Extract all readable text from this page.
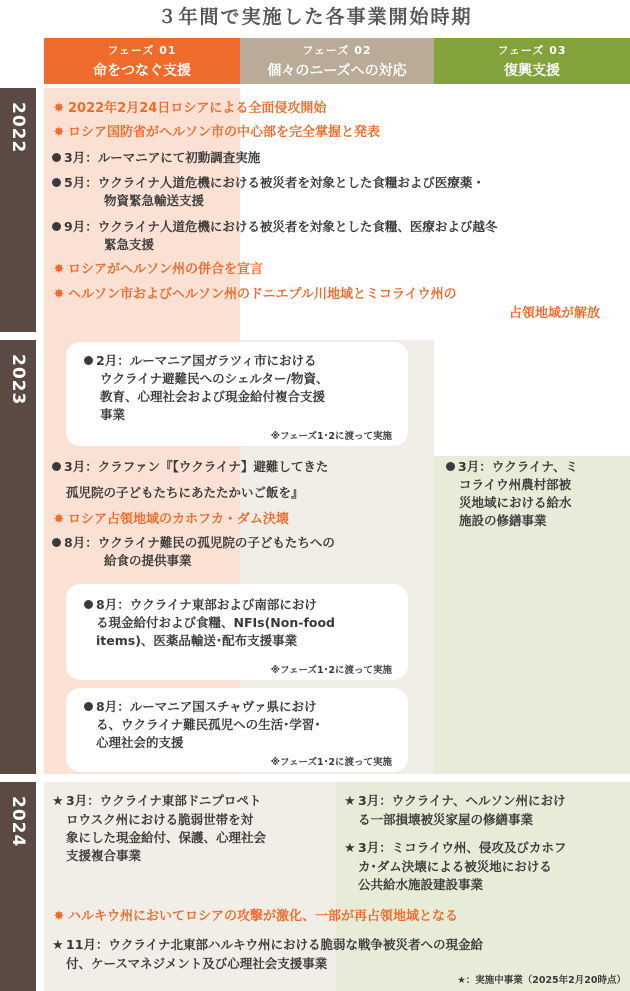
３年間で実施した各事業開始時期
フェーズ 01
命をつなぐ支援
フェーズ 02
個々のニーズへの対応
フェーズ 03
復興支援
2022
2023
2024
✸ 2022年2月24日ロシアによる全面侵攻開始
✸ ロシア国防省がヘルソン市の中心部を完全掌握と発表
3月：ルーマニアにて初動調査実施
5月：ウクライナ人道危機における被災者を対象とした食糧および医療薬・
物資緊急輸送支援
9月：ウクライナ人道危機における被災者を対象とした食糧、医療および越冬
緊急支援
✸ ロシアがヘルソン州の併合を宣言
✸ ヘルソン市およびヘルソン州のドニエプル川地域とミコライウ州の
占領地域が解放
2月：ルーマニア国ガラツィ市における
ウクライナ避難民へのシェルター/物資、
教育、心理社会および現金給付複合支援
事業
※フェーズ1･2に渡って実施
3月：クラファン『【ウクライナ】避難してきた
孤児院の子どもたちにあたたかいご飯を』
✸ ロシア占領地域のカホフカ・ダム決壊
8月：ウクライナ難民の孤児院の子どもたちへの
給食の提供事業
3月：ウクライナ、ミ
コライウ州農村部被
災地域における給水
施設の修繕事業
8月：ウクライナ東部および南部におけ
る現金給付および食糧、NFIs(Non-food
items)、医薬品輸送･配布支援事業
※フェーズ1･2に渡って実施
8月：ルーマニア国スチャヴァ県におけ
る、ウクライナ難民孤児への生活･学習･
心理社会的支援
※フェーズ1･2に渡って実施
★ 3月：ウクライナ東部ドニプロペト
ロウスク州における脆弱世帯を対
象にした現金給付、保護、心理社会
支援複合事業
★ 3月：ウクライナ、ヘルソン州におけ
る一部損壊被災家屋の修繕事業
★ 3月：ミコライウ州、侵攻及びカホフ
カ･ダム決壊による被災地における
公共給水施設建設事業
✸ ハルキウ州においてロシアの攻撃が激化、一部が再占領地域となる
★ 11月：ウクライナ北東部ハルキウ州における脆弱な戦争被災者への現金給
付、ケースマネジメント及び心理社会支援事業
★：実施中事業（2025年2月20時点）
